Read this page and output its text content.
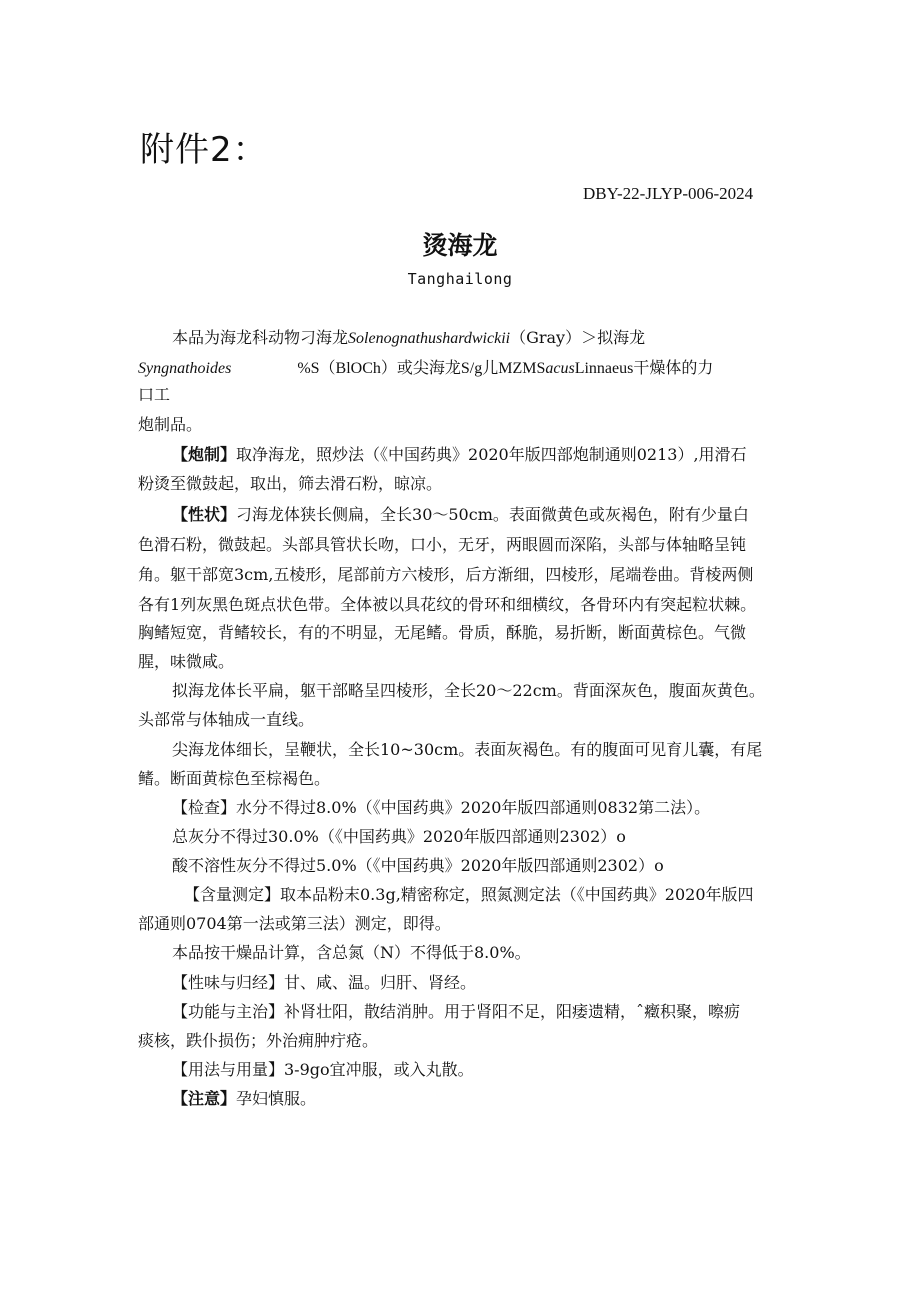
附件2：
DBY-22-JLYP-006-2024
烫海龙
Tanghailong
本品为海龙科动物刁海龙Solenognathushardwickii（Gray）＞拟海龙
Syngnathoides	%S（BlOCh）或尖海龙S/g儿MZMSacusLinnaeus干燥体的力
口工
炮制品。
【炮制】取净海龙，照炒法（《中国药典》2020年版四部炮制通则0213）,用滑石
粉烫至微鼓起，取出，筛去滑石粉，晾凉。
【性状】刁海龙体狭长侧扁，全长30～50cm。表面微黄色或灰褐色，附有少量白
色滑石粉，微鼓起。头部具管状长吻，口小，无牙，两眼圆而深陷，头部与体轴略呈钝
角。躯干部宽3cm,五棱形，尾部前方六棱形，后方渐细，四棱形，尾端卷曲。背棱两侧
各有1列灰黑色斑点状色带。全体被以具花纹的骨环和细横纹，各骨环内有突起粒状棘。
胸鳍短宽，背鳍较长，有的不明显，无尾鳍。骨质，酥脆，易折断，断面黄棕色。气微
腥，味微咸。
拟海龙体长平扁，躯干部略呈四棱形，全长20～22cm。背面深灰色，腹面灰黄色。
头部常与体轴成一直线。
尖海龙体细长，呈鞭状，全长10~30cm。表面灰褐色。有的腹面可见育儿囊，有尾
鳍。断面黄棕色至棕褐色。
【检查】水分不得过8.0%（《中国药典》2020年版四部通则0832第二法）。
总灰分不得过30.0%（《中国药典》2020年版四部通则2302）o
酸不溶性灰分不得过5.0%（《中国药典》2020年版四部通则2302）o
【含量测定】取本品粉末0.3g,精密称定，照氮测定法（《中国药典》2020年版四
部通则0704第一法或第三法）测定，即得。
本品按干燥品计算，含总氮（N）不得低于8.0%。
【性味与归经】甘、咸、温。归肝、肾经。
【功能与主治】补肾壮阳，散结消肿。用于肾阳不足，阳痿遗精，ˆ癥积聚，嚓疬
痰核，跌仆损伤；外治痈肿疔疮。
【用法与用量】3-9go宜冲服，或入丸散。
【注意】孕妇慎服。
